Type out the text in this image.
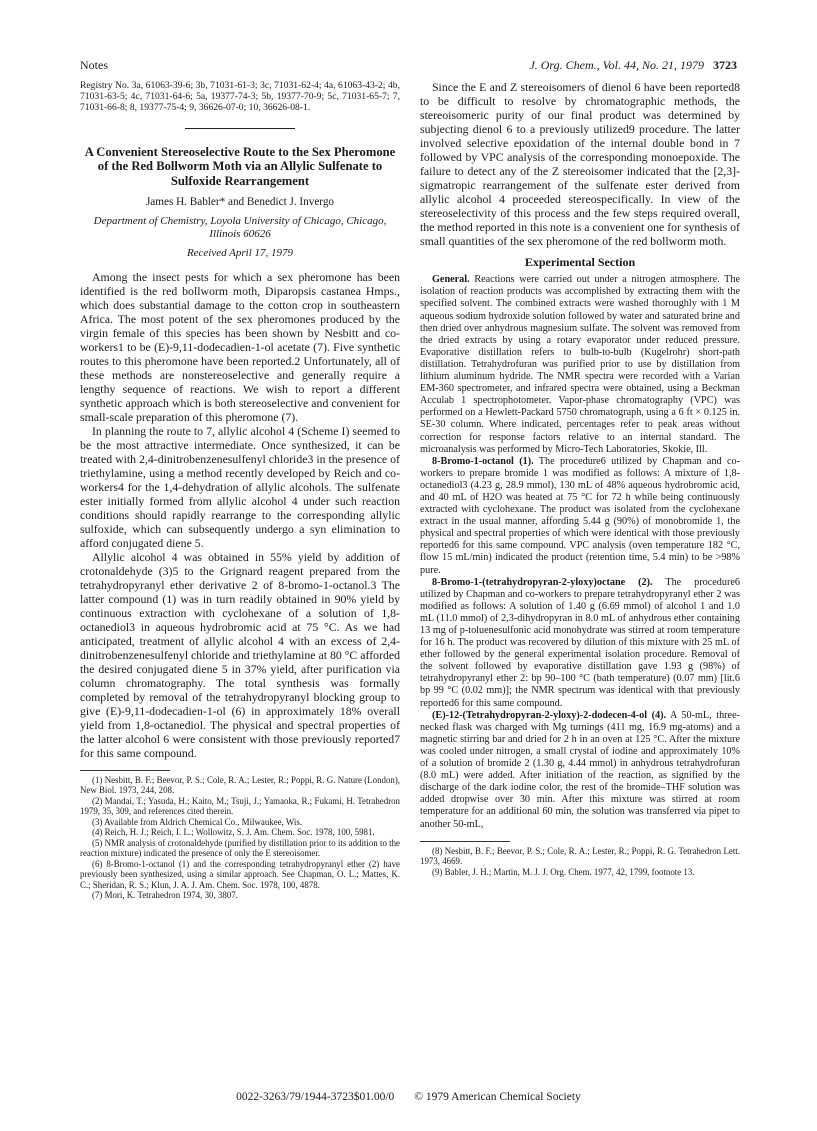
Notes	J. Org. Chem., Vol. 44, No. 21, 1979 3723

Registry No. 3a, 61063-39-6; 3b, 71031-61-3; 3c, 71031-62-4; 4a, 61063-43-2; 4b, 71031-63-5; 4c, 71031-64-6; 5a, 19377-74-3; 5b, 19377-70-9; 5c, 71031-65-7; 7, 71031-66-8; 8, 19377-75-4; 9, 36626-07-0; 10, 36626-08-1.

A Convenient Stereoselective Route to the Sex Pheromone of the Red Bollworm Moth via an Allylic Sulfenate to Sulfoxide Rearrangement
James H. Babler* and Benedict J. Invergo
Department of Chemistry, Loyola University of Chicago, Chicago, Illinois 60626
Received April 17, 1979

Among the insect pests for which a sex pheromone has been identified is the red bollworm moth, Diparopsis castanea Hmps., which does substantial damage to the cotton crop in southeastern Africa. The most potent of the sex pheromones produced by the virgin female of this species has been shown by Nesbitt and co-workers1 to be (E)-9,11-dodecadien-1-ol acetate (7). Five synthetic routes to this pheromone have been reported.2 Unfortunately, all of these methods are nonstereoselective and generally require a lengthy sequence of reactions. We wish to report a different synthetic approach which is both stereoselective and convenient for small-scale preparation of this pheromone (7).

In planning the route to 7, allylic alcohol 4 (Scheme I) seemed to be the most attractive intermediate. Once synthesized, it can be treated with 2,4-dinitrobenzenesulfenyl chloride3 in the presence of triethylamine, using a method recently developed by Reich and co-workers4 for the 1,4-dehydration of allylic alcohols. The sulfenate ester initially formed from allylic alcohol 4 under such reaction conditions should rapidly rearrange to the corresponding allylic sulfoxide, which can subsequently undergo a syn elimination to afford conjugated diene 5.

Allylic alcohol 4 was obtained in 55% yield by addition of crotonaldehyde (3)5 to the Grignard reagent prepared from the tetrahydropyranyl ether derivative 2 of 8-bromo-1-octanol.3 The latter compound (1) was in turn readily obtained in 90% yield by continuous extraction with cyclohexane of a solution of 1,8-octanediol3 in aqueous hydrobromic acid at 75 °C. As we had anticipated, treatment of allylic alcohol 4 with an excess of 2,4-dinitrobenzenesulfenyl chloride and triethylamine at 80 °C afforded the desired conjugated diene 5 in 37% yield, after purification via column chromatography. The total synthesis was formally completed by removal of the tetrahydropyranyl blocking group to give (E)-9,11-dodecadien-1-ol (6) in approximately 18% overall yield from 1,8-octanediol. The physical and spectral properties of the latter alcohol 6 were consistent with those previously reported7 for this same compound.

(1) Nesbitt, B. F.; Beevor, P. S.; Cole, R. A.; Lester, R.; Poppi, R. G. Nature (London), New Biol. 1973, 244, 208.

(2) Mandai, T.; Yasuda, H.; Kaito, M.; Tsuji, J.; Yamaoka, R.; Fukami, H. Tetrahedron 1979, 35, 309, and references cited therein.

(3) Available from Aldrich Chemical Co., Milwaukee, Wis.

(4) Reich, H. J.; Reich, I. L.; Wollowitz, S. J. Am. Chem. Soc. 1978, 100, 5981.

(5) NMR analysis of crotonaldehyde (purified by distillation prior to its addition to the reaction mixture) indicated the presence of only the E stereoisomer.

(6) 8-Bromo-1-octanol (1) and the corresponding tetrahydropyranyl ether (2) have previously been synthesized, using a similar approach. See Chapman, O. L.; Mattes, K. C.; Sheridan, R. S.; Klun, J. A. J. Am. Chem. Soc. 1978, 100, 4878.

(7) Mori, K. Tetrahedron 1974, 30, 3807.

Since the E and Z stereoisomers of dienol 6 have been reported8 to be difficult to resolve by chromatographic methods, the stereoisomeric purity of our final product was determined by subjecting dienol 6 to a previously utilized9 procedure. The latter involved selective epoxidation of the internal double bond in 7 followed by VPC analysis of the corresponding monoepoxide. The failure to detect any of the Z stereoisomer indicated that the [2,3]-sigmatropic rearrangement of the sulfenate ester derived from allylic alcohol 4 proceeded stereospecifically. In view of the stereoselectivity of this process and the few steps required overall, the method reported in this note is a convenient one for synthesis of small quantities of the sex pheromone of the red bollworm moth.

Experimental Section

General. Reactions were carried out under a nitrogen atmosphere. The isolation of reaction products was accomplished by extracting them with the specified solvent. The combined extracts were washed thoroughly with 1 M aqueous sodium hydroxide solution followed by water and saturated brine and then dried over anhydrous magnesium sulfate. The solvent was removed from the dried extracts by using a rotary evaporator under reduced pressure. Evaporative distillation refers to bulb-to-bulb (Kugelrohr) short-path distillation. Tetrahydrofuran was purified prior to use by distillation from lithium aluminum hydride. The NMR spectra were recorded with a Varian EM-360 spectrometer, and infrared spectra were obtained, using a Beckman Acculab 1 spectrophotometer. Vapor-phase chromatography (VPC) was performed on a Hewlett-Packard 5750 chromatograph, using a 6 ft × 0.125 in. SE-30 column. Where indicated, percentages refer to peak areas without correction for response factors relative to an internal standard. The microanalysis was performed by Micro-Tech Laboratories, Skokie, Ill.

8-Bromo-1-octanol (1). The procedure6 utilized by Chapman and co-workers to prepare bromide 1 was modified as follows: A mixture of 1,8-octanediol3 (4.23 g, 28.9 mmol), 130 mL of 48% aqueous hydrobromic acid, and 40 mL of H2O was heated at 75 °C for 72 h while being continuously extracted with cyclohexane. The product was isolated from the cyclohexane extract in the usual manner, affording 5.44 g (90%) of monobromide 1, the physical and spectral properties of which were identical with those previously reported6 for this same compound. VPC analysis (oven temperature 182 °C, flow 15 mL/min) indicated the product (retention time, 5.4 min) to be >98% pure.

8-Bromo-1-(tetrahydropyran-2-yloxy)octane (2). The procedure6 utilized by Chapman and co-workers to prepare tetrahydropyranyl ether 2 was modified as follows: A solution of 1.40 g (6.69 mmol) of alcohol 1 and 1.0 mL (11.0 mmol) of 2,3-dihydropyran in 8.0 mL of anhydrous ether containing 13 mg of p-toluenesulfonic acid monohydrate was stirred at room temperature for 16 h. The product was recovered by dilution of this mixture with 25 mL of ether followed by the general experimental isolation procedure. Removal of the solvent followed by evaporative distillation gave 1.93 g (98%) of tetrahydropyranyl ether 2: bp 90–100 °C (bath temperature) (0.07 mm) [lit.6 bp 99 °C (0.02 mm)]; the NMR spectrum was identical with that previously reported6 for this same compound.

(E)-12-(Tetrahydropyran-2-yloxy)-2-dodecen-4-ol (4). A 50-mL, three-necked flask was charged with Mg turnings (411 mg, 16.9 mg-atoms) and a magnetic stirring bar and dried for 2 h in an oven at 125 °C. After the mixture was cooled under nitrogen, a small crystal of iodine and approximately 10% of a solution of bromide 2 (1.30 g, 4.44 mmol) in anhydrous tetrahydrofuran (8.0 mL) were added. After initiation of the reaction, as signified by the discharge of the dark iodine color, the rest of the bromide–THF solution was added dropwise over 30 min. After this mixture was stirred at room temperature for an additional 60 min, the solution was transferred via pipet to another 50-mL,

(8) Nesbitt, B. F.; Beevor, P. S.; Cole, R. A.; Lester, R.; Poppi, R. G. Tetrahedron Lett. 1973, 4669.

(9) Babler, J. H.; Martin, M. J. J. Org. Chem. 1977, 42, 1799, footnote 13.

0022-3263/79/1944-3723$01.00/0 © 1979 American Chemical Society
